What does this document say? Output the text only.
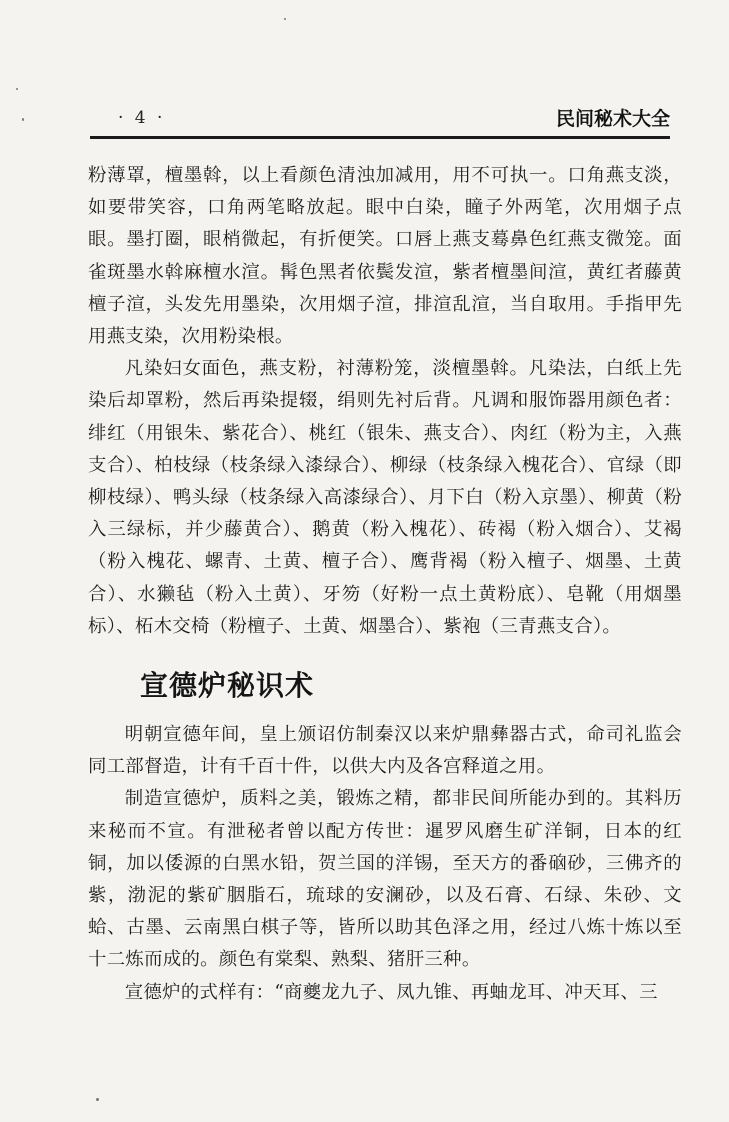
· 4 ·	民间秘术大全

粉薄罩，檀墨斡，以上看颜色清浊加减用，用不可执一。口角燕支淡，如要带笑容，口角两笔略放起。眼中白染，瞳子外两笔，次用烟子点眼。墨打圈，眼梢微起，有折便笑。口唇上燕支蓦鼻色红燕支微笼。面雀斑墨水斡麻檀水渲。髯色黑者依鬓发渲，紫者檀墨间渲，黄红者藤黄檀子渲，头发先用墨染，次用烟子渲，排渲乱渲，当自取用。手指甲先用燕支染，次用粉染根。

凡染妇女面色，燕支粉，衬薄粉笼，淡檀墨斡。凡染法，白纸上先染后却罩粉，然后再染提辍，绢则先衬后背。凡调和服饰器用颜色者：绯红（用银朱、紫花合）、桃红（银朱、燕支合）、肉红（粉为主，入燕支合）、柏枝绿（枝条绿入漆绿合）、柳绿（枝条绿入槐花合）、官绿（即柳枝绿）、鸭头绿（枝条绿入高漆绿合）、月下白（粉入京墨）、柳黄（粉入三绿标，并少藤黄合）、鹅黄（粉入槐花）、砖褐（粉入烟合）、艾褐（粉入槐花、螺青、土黄、檀子合）、鹰背褐（粉入檀子、烟墨、土黄合）、水獭毡（粉入土黄）、牙笏（好粉一点土黄粉底）、皂靴（用烟墨标）、柘木交椅（粉檀子、土黄、烟墨合）、紫袍（三青燕支合）。

宣德炉秘识术

明朝宣德年间，皇上颁诏仿制秦汉以来炉鼎彝器古式，命司礼监会同工部督造，计有千百十件，以供大内及各宫释道之用。

制造宣德炉，质料之美，锻炼之精，都非民间所能办到的。其料历来秘而不宣。有泄秘者曾以配方传世：暹罗风磨生矿洋铜，日本的红铜，加以倭源的白黑水铅，贺兰国的洋锡，至天方的番硇砂，三佛齐的紫，渤泥的紫矿胭脂石，琉球的安澜砂，以及石膏、石绿、朱砂、文蛤、古墨、云南黑白棋子等，皆所以助其色泽之用，经过八炼十炼以至十二炼而成的。颜色有棠梨、熟梨、猪肝三种。

宣德炉的式样有：“商夔龙九子、凤九锥、再蚰龙耳、冲天耳、三
